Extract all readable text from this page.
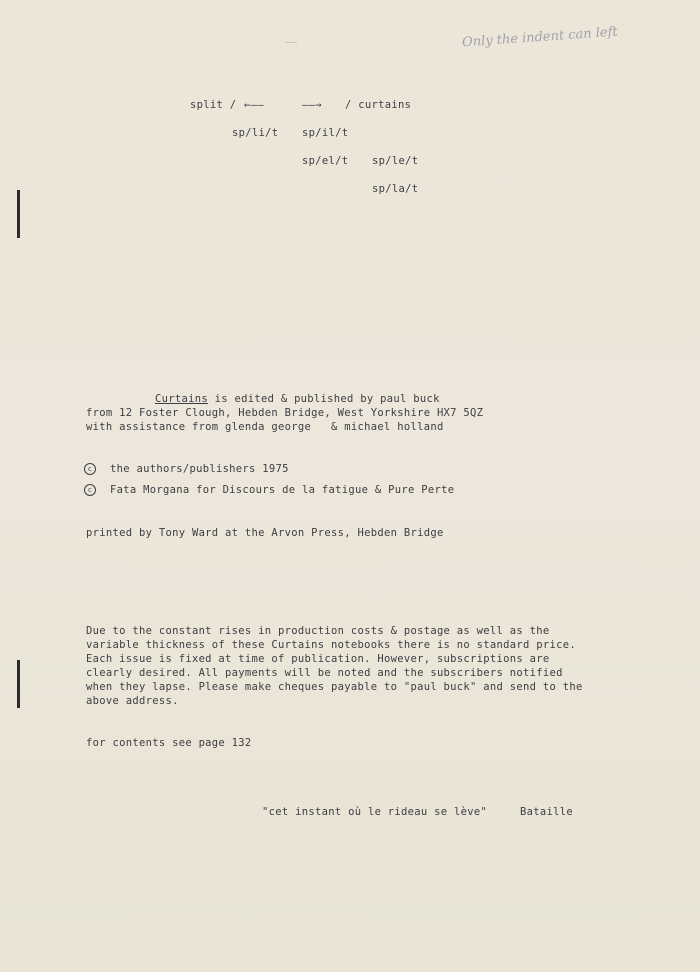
Only the indent can left
split / ←——	——→ / curtains
sp/li/t sp/il/t
sp/el/t sp/le/t
sp/la/t
Curtains is edited & published by paul buck
from 12 Foster Clough, Hebden Bridge, West Yorkshire HX7 5QZ
with assistance from glenda george   & michael holland
c the authors/publishers 1975
c Fata Morgana for Discours de la fatigue & Pure Perte
printed by Tony Ward at the Arvon Press, Hebden Bridge
Due to the constant rises in production costs & postage as well as the
variable thickness of these Curtains notebooks there is no standard price.
Each issue is fixed at time of publication. However, subscriptions are
clearly desired. All payments will be noted and the subscribers notified
when they lapse. Please make cheques payable to "paul buck" and send to the
above address.
for contents see page 132
"cet instant où le rideau se lève"	Bataille
